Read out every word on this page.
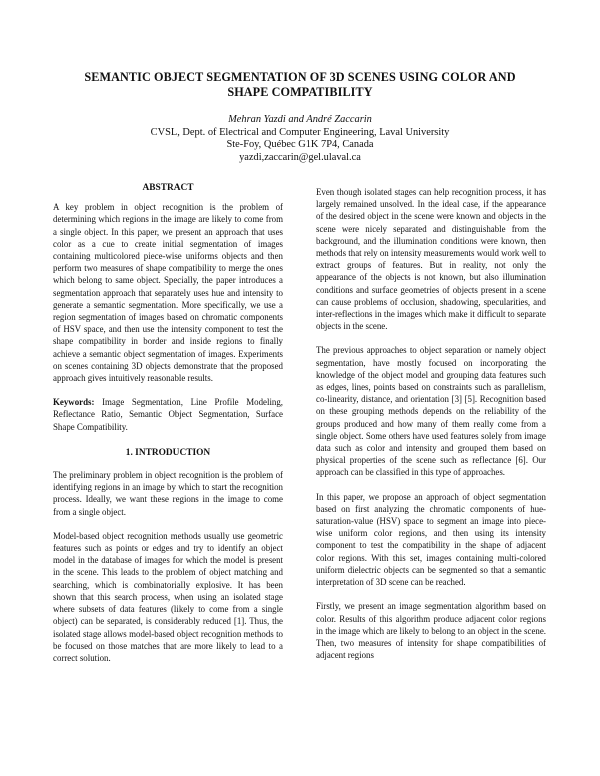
SEMANTIC OBJECT SEGMENTATION OF 3D SCENES USING COLOR AND SHAPE COMPATIBILITY
Mehran Yazdi and André Zaccarin
CVSL, Dept. of Electrical and Computer Engineering, Laval University
Ste-Foy, Québec G1K 7P4, Canada
yazdi,zaccarin@gel.ulaval.ca
ABSTRACT

A key problem in object recognition is the problem of determining which regions in the image are likely to come from a single object. In this paper, we present an approach that uses color as a cue to create initial segmentation of images containing multicolored piece-wise uniforms objects and then perform two measures of shape compatibility to merge the ones which belong to same object. Specially, the paper introduces a segmentation approach that separately uses hue and intensity to generate a semantic segmentation. More specifically, we use a region segmentation of images based on chromatic components of HSV space, and then use the intensity component to test the shape compatibility in border and inside regions to finally achieve a semantic object segmentation of images. Experiments on scenes containing 3D objects demonstrate that the proposed approach gives intuitively reasonable results.

Keywords: Image Segmentation, Line Profile Modeling, Reflectance Ratio, Semantic Object Segmentation, Surface Shape Compatibility.

1. INTRODUCTION

The preliminary problem in object recognition is the problem of identifying regions in an image by which to start the recognition process. Ideally, we want these regions in the image to come from a single object.

Model-based object recognition methods usually use geometric features such as points or edges and try to identify an object model in the database of images for which the model is present in the scene. This leads to the problem of object matching and searching, which is combinatorially explosive. It has been shown that this search process, when using an isolated stage where subsets of data features (likely to come from a single object) can be separated, is considerably reduced [1]. Thus, the isolated stage allows model-based object recognition methods to be focused on those matches that are more likely to lead to a correct solution.

Even though isolated stages can help recognition process, it has largely remained unsolved. In the ideal case, if the appearance of the desired object in the scene were known and objects in the scene were nicely separated and distinguishable from the background, and the illumination conditions were known, then methods that rely on intensity measurements would work well to extract groups of features. But in reality, not only the appearance of the objects is not known, but also illumination conditions and surface geometries of objects present in a scene can cause problems of occlusion, shadowing, specularities, and inter-reflections in the images which make it difficult to separate objects in the scene.

The previous approaches to object separation or namely object segmentation, have mostly focused on incorporating the knowledge of the object model and grouping data features such as edges, lines, points based on constraints such as parallelism, co-linearity, distance, and orientation [3] [5]. Recognition based on these grouping methods depends on the reliability of the groups produced and how many of them really come from a single object. Some others have used features solely from image data such as color and intensity and grouped them based on physical properties of the scene such as reflectance [6]. Our approach can be classified in this type of approaches.

In this paper, we propose an approach of object segmentation based on first analyzing the chromatic components of hue-saturation-value (HSV) space to segment an image into piece-wise uniform color regions, and then using its intensity component to test the compatibility in the shape of adjacent color regions. With this set, images containing multi-colored uniform dielectric objects can be segmented so that a semantic interpretation of 3D scene can be reached.

Firstly, we present an image segmentation algorithm based on color. Results of this algorithm produce adjacent color regions in the image which are likely to belong to an object in the scene. Then, two measures of intensity for shape compatibilities of adjacent regions
